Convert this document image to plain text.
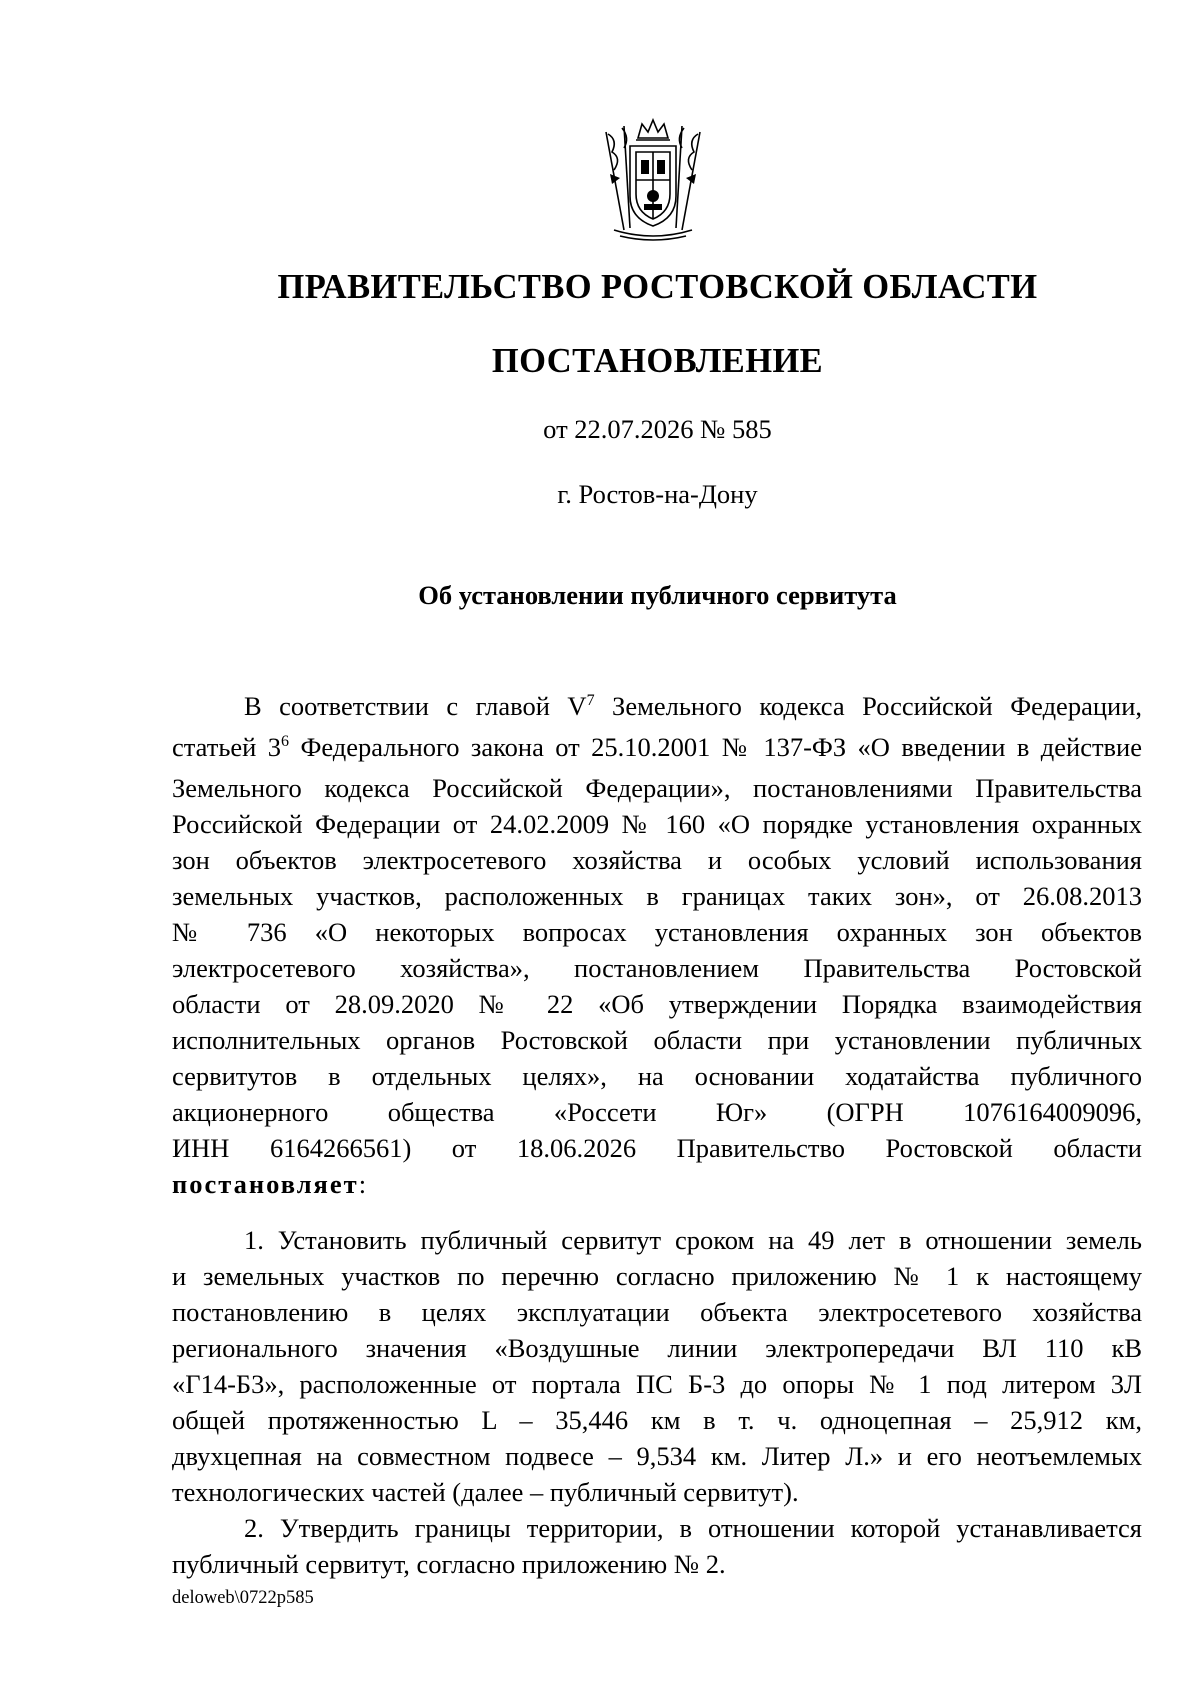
ПРАВИТЕЛЬСТВО РОСТОВСКОЙ ОБЛАСТИ
ПОСТАНОВЛЕНИЕ
от 22.07.2026 № 585
г. Ростов-на-Дону
Об установлении публичного сервитута
В соответствии с главой $V^7$ Земельного кодекса Российской Федерации,
статьей $3^6$ Федерального закона от 25.10.2001 № 137-ФЗ «О введении в действие
Земельного кодекса Российской Федерации», постановлениями Правительства
Российской Федерации от 24.02.2009 № 160 «О порядке установления охранных
зон объектов электросетевого хозяйства и особых условий использования
земельных участков, расположенных в границах таких зон», от 26.08.2013
№ 736 «О некоторых вопросах установления охранных зон объектов
электросетевого хозяйства», постановлением Правительства Ростовской
области от 28.09.2020 № 22 «Об утверждении Порядка взаимодействия
исполнительных органов Ростовской области при установлении публичных
сервитутов в отдельных целях», на основании ходатайства публичного
акционерного общества «Россети Юг» (ОГРН 1076164009096,
ИНН 6164266561) от 18.06.2026 Правительство Ростовской области
постановляет:
1. Установить публичный сервитут сроком на 49 лет в отношении земель
и земельных участков по перечню согласно приложению № 1 к настоящему
постановлению в целях эксплуатации объекта электросетевого хозяйства
регионального значения «Воздушные линии электропередачи ВЛ 110 кВ
«Г14-Б3», расположенные от портала ПС Б-3 до опоры № 1 под литером 3Л
общей протяженностью L – 35,446 км в т. ч. одноцепная – 25,912 км,
двухцепная на совместном подвесе – 9,534 км. Литер Л.» и его неотъемлемых
технологических частей (далее – публичный сервитут).
2. Утвердить границы территории, в отношении которой устанавливается
публичный сервитут, согласно приложению № 2.
deloweb\0722p585
